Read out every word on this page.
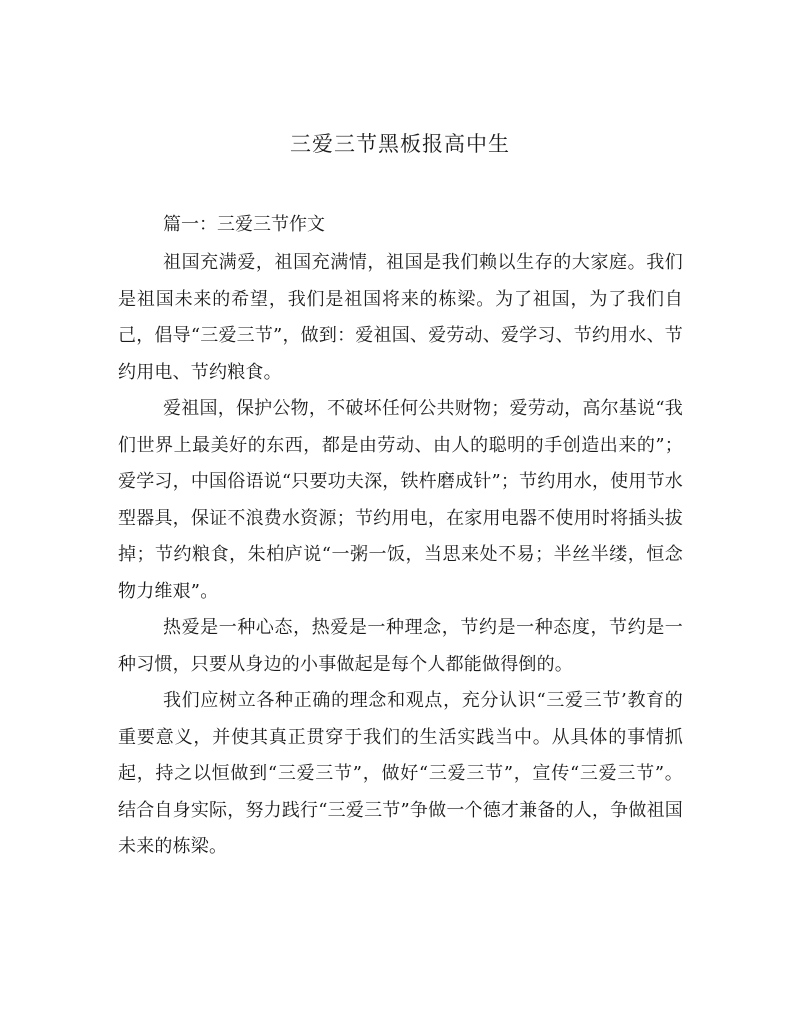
三爱三节黑板报高中生
篇一：三爱三节作文

祖国充满爱，祖国充满情，祖国是我们赖以生存的大家庭。我们是祖国未来的希望，我们是祖国将来的栋梁。为了祖国，为了我们自己，倡导“三爱三节”，做到：爱祖国、爱劳动、爱学习、节约用水、节约用电、节约粮食。

爱祖国，保护公物，不破坏任何公共财物；爱劳动，高尔基说“我们世界上最美好的东西，都是由劳动、由人的聪明的手创造出来的”；爱学习，中国俗语说“只要功夫深，铁杵磨成针”；节约用水，使用节水型器具，保证不浪费水资源；节约用电，在家用电器不使用时将插头拔掉；节约粮食，朱柏庐说“一粥一饭，当思来处不易；半丝半缕，恒念物力维艰”。

热爱是一种心态，热爱是一种理念，节约是一种态度，节约是一种习惯，只要从身边的小事做起是每个人都能做得倒的。

我们应树立各种正确的理念和观点，充分认识“三爱三节’教育的重要意义，并使其真正贯穿于我们的生活实践当中。从具体的事情抓起，持之以恒做到“三爱三节”，做好“三爱三节”，宣传“三爱三节”。结合自身实际，努力践行“三爱三节”争做一个德才兼备的人，争做祖国未来的栋梁。
